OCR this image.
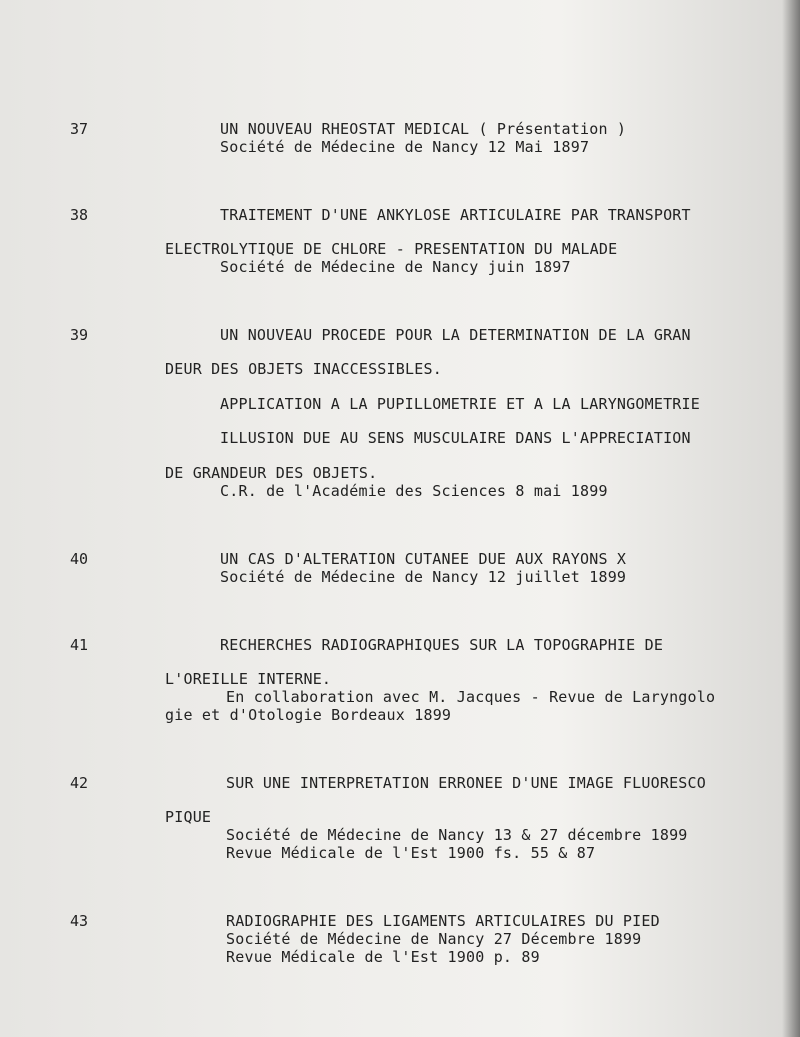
37	UN NOUVEAU RHEOSTAT MEDICAL ( Présentation )
Société de Médecine de Nancy 12 Mai 1897
38	TRAITEMENT D'UNE ANKYLOSE ARTICULAIRE PAR TRANSPORT
ELECTROLYTIQUE DE CHLORE - PRESENTATION DU MALADE
Société de Médecine de Nancy juin 1897
39	UN NOUVEAU PROCEDE POUR LA DETERMINATION DE LA GRAN
DEUR DES OBJETS INACCESSIBLES.
APPLICATION A LA PUPILLOMETRIE ET A LA LARYNGOMETRIE
ILLUSION DUE AU SENS MUSCULAIRE DANS L'APPRECIATION
DE GRANDEUR DES OBJETS.
C.R. de l'Académie des Sciences 8 mai 1899
40	UN CAS D'ALTERATION CUTANEE DUE AUX RAYONS X
Société de Médecine de Nancy 12 juillet 1899
41	RECHERCHES RADIOGRAPHIQUES SUR LA TOPOGRAPHIE DE
L'OREILLE INTERNE.
En collaboration avec M. Jacques - Revue de Laryngolo
gie et d'Otologie Bordeaux 1899
42	SUR UNE INTERPRETATION ERRONEE D'UNE IMAGE FLUORESCO
PIQUE
Société de Médecine de Nancy 13 & 27 décembre 1899
Revue Médicale de l'Est 1900 fs. 55 & 87
43	RADIOGRAPHIE DES LIGAMENTS ARTICULAIRES DU PIED
Société de Médecine de Nancy 27 Décembre 1899
Revue Médicale de l'Est 1900 p. 89
